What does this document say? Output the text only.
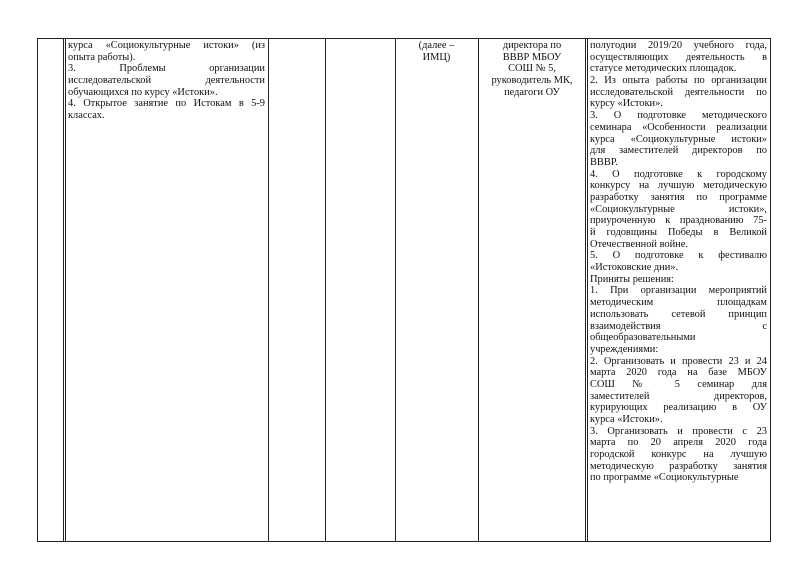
курса «Социокультурные истоки» (из
опыта работы).
3. Проблемы организации
исследовательской деятельности
обучающихся по курсу «Истоки».
4. Открытое занятие по Истокам в 5-9
классах.
(далее –
ИМЦ)
директора по
ВВВР МБОУ
СОШ № 5,
руководитель МК,
педагоги ОУ
полугодии 2019/20 учебного года,
осуществляющих деятельность в
статусе методических площадок.
2. Из опыта работы по организации
исследовательской деятельности по
курсу «Истоки».
3. О подготовке методического
семинара «Особенности реализации
курса «Социокультурные истоки»
для заместителей директоров по
ВВВР.
4. О подготовке к городскому
конкурсу на лучшую методическую
разработку занятия по программе
«Социокультурные истоки»,
приуроченную к празднованию 75-
й годовщины Победы в Великой
Отечественной войне.
5. О подготовке к фестивалю
«Истоковские дни».
Приняты решения:
1. При организации мероприятий
методическим площадкам
использовать сетевой принцип
взаимодействия с
общеобразовательными
учреждениями:
2. Организовать и провести 23 и 24
марта 2020 года на базе МБОУ
СОШ № 5 семинар для
заместителей директоров,
курирующих реализацию в ОУ
курса «Истоки».
3. Организовать и провести с 23
марта по 20 апреля 2020 года
городской конкурс на лучшую
методическую разработку занятия
по программе «Социокультурные
